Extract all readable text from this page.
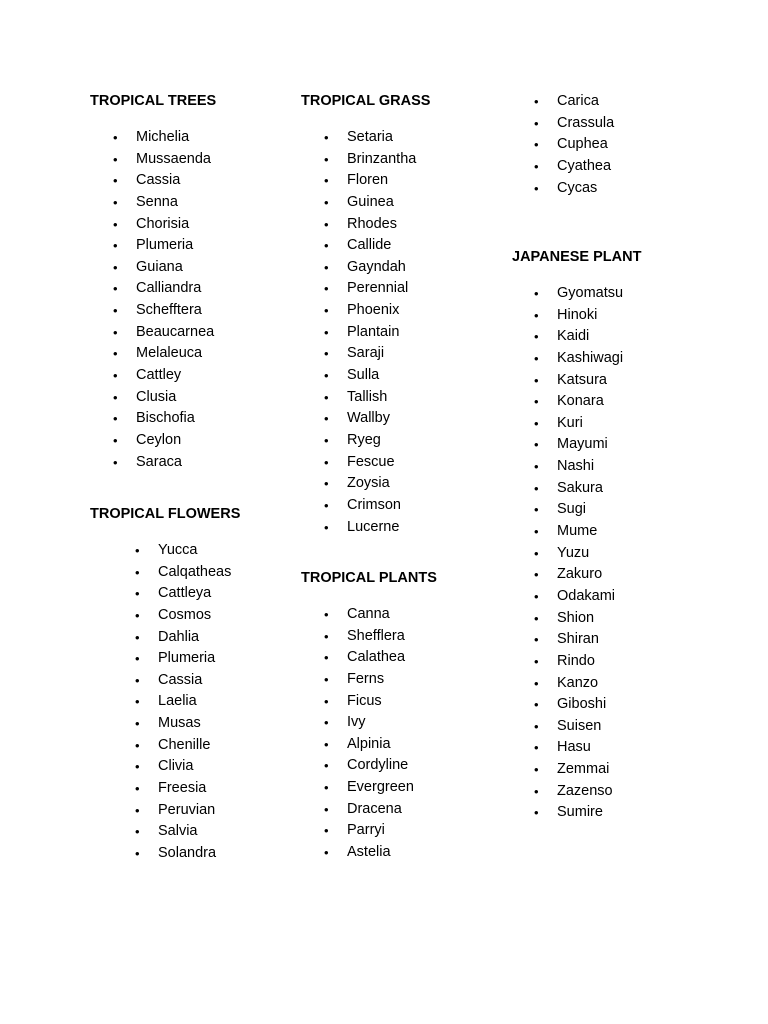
TROPICAL TREES
• Michelia
• Mussaenda
• Cassia
• Senna
• Chorisia
• Plumeria
• Guiana
• Calliandra
• Schefftera
• Beaucarnea
• Melaleuca
• Cattley
• Clusia
• Bischofia
• Ceylon
• Saraca
TROPICAL FLOWERS
• Yucca
• Calqatheas
• Cattleya
• Cosmos
• Dahlia
• Plumeria
• Cassia
• Laelia
• Musas
• Chenille
• Clivia
• Freesia
• Peruvian
• Salvia
• Solandra
TROPICAL GRASS
• Setaria
• Brinzantha
• Floren
• Guinea
• Rhodes
• Callide
• Gayndah
• Perennial
• Phoenix
• Plantain
• Saraji
• Sulla
• Tallish
• Wallby
• Ryeg
• Fescue
• Zoysia
• Crimson
• Lucerne
TROPICAL PLANTS
• Canna
• Shefflera
• Calathea
• Ferns
• Ficus
• Ivy
• Alpinia
• Cordyline
• Evergreen
• Dracena
• Parryi
• Astelia
• Carica
• Crassula
• Cuphea
• Cyathea
• Cycas
JAPANESE PLANT
• Gyomatsu
• Hinoki
• Kaidi
• Kashiwagi
• Katsura
• Konara
• Kuri
• Mayumi
• Nashi
• Sakura
• Sugi
• Mume
• Yuzu
• Zakuro
• Odakami
• Shion
• Shiran
• Rindo
• Kanzo
• Giboshi
• Suisen
• Hasu
• Zemmai
• Zazenso
• Sumire
